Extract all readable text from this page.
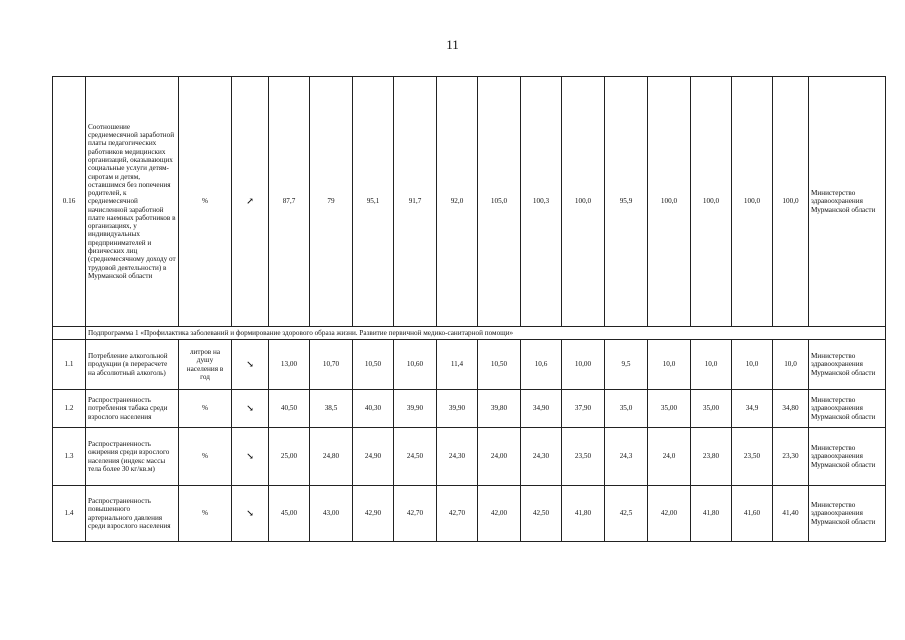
11
0.16	Соотношение среднемесячной заработной платы педагогических работников медицинских организаций, оказывающих социальные услуги детям-сиротам и детям, оставшимся без попечения родителей, к среднемесячной начисленной заработной плате наемных работников в организациях, у индивидуальных предпринимателей и физических лиц (среднемесячному доходу от трудовой деятельности) в Мурманской области	%	↗	87,7	79	95,1	91,7	92,0	105,0	100,3	100,0	95,9	100,0	100,0	100,0	100,0	Министерство здравоохранения Мурманской области
	Подпрограмма 1 «Профилактика заболеваний и формирование здорового образа жизни. Развитие первичной медико-санитарной помощи»																
1.1	Потребление алкогольной продукции (в перерасчете на абсолютный алкоголь)	литров на душу населения в год	↘	13,00	10,70	10,50	10,60	11,4	10,50	10,6	10,00	9,5	10,0	10,0	10,0	10,0	Министерство здравоохранения Мурманской области
1.2	Распространенность потребления табака среди взрослого населения	%	↘	40,50	38,5	40,30	39,90	39,90	39,80	34,90	37,90	35,0	35,00	35,00	34,9	34,80	Министерство здравоохранения Мурманской области
1.3	Распространенность ожирения среди взрослого населения (индекс массы тела более 30 кг/кв.м)	%	↘	25,00	24,80	24,90	24,50	24,30	24,00	24,30	23,50	24,3	24,0	23,80	23,50	23,30	Министерство здравоохранения Мурманской области
1.4	Распространенность повышенного артериального давления среди взрослого населения	%	↘	45,00	43,00	42,90	42,70	42,70	42,00	42,50	41,80	42,5	42,00	41,80	41,60	41,40	Министерство здравоохранения Мурманской области
